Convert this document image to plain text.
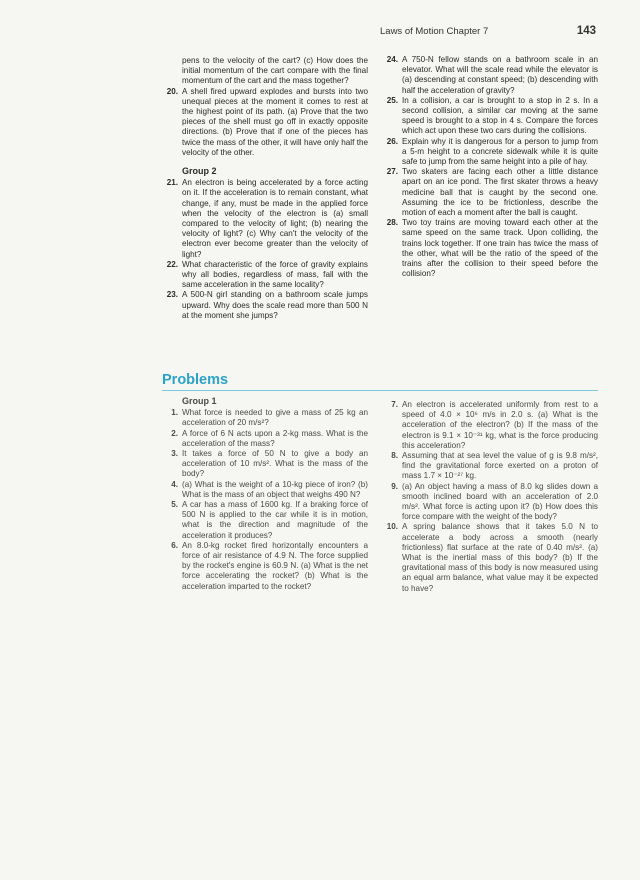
Laws of Motion Chapter 7	143
pens to the velocity of the cart? (c) How does the initial momentum of the cart compare with the final momentum of the cart and the mass together?
20. A shell fired upward explodes and bursts into two unequal pieces at the moment it comes to rest at the highest point of its path. (a) Prove that the two pieces of the shell must go off in exactly opposite directions. (b) Prove that if one of the pieces has twice the mass of the other, it will have only half the velocity of the other.
Group 2
21. An electron is being accelerated by a force acting on it. If the acceleration is to remain constant, what change, if any, must be made in the applied force when the velocity of the electron is (a) small compared to the velocity of light; (b) nearing the velocity of light? (c) Why can't the velocity of the electron ever become greater than the velocity of light?
22. What characteristic of the force of gravity explains why all bodies, regardless of mass, fall with the same acceleration in the same locality?
23. A 500-N girl standing on a bathroom scale jumps upward. Why does the scale read more than 500 N at the moment she jumps?
24. A 750-N fellow stands on a bathroom scale in an elevator. What will the scale read while the elevator is (a) descending at constant speed; (b) descending with half the acceleration of gravity?
25. In a collision, a car is brought to a stop in 2 s. In a second collision, a similar car moving at the same speed is brought to a stop in 4 s. Compare the forces which act upon these two cars during the collisions.
26. Explain why it is dangerous for a person to jump from a 5-m height to a concrete sidewalk while it is quite safe to jump from the same height into a pile of hay.
27. Two skaters are facing each other a little distance apart on an ice pond. The first skater throws a heavy medicine ball that is caught by the second one. Assuming the ice to be frictionless, describe the motion of each a moment after the ball is caught.
28. Two toy trains are moving toward each other at the same speed on the same track. Upon colliding, the trains lock together. If one train has twice the mass of the other, what will be the ratio of the speed of the trains after the collision to their speed before the collision?
Problems
Group 1
1. What force is needed to give a mass of 25 kg an acceleration of 20 m/s²?
2. A force of 6 N acts upon a 2-kg mass. What is the acceleration of the mass?
3. It takes a force of 50 N to give a body an acceleration of 10 m/s². What is the mass of the body?
4. (a) What is the weight of a 10-kg piece of iron? (b) What is the mass of an object that weighs 490 N?
5. A car has a mass of 1600 kg. If a braking force of 500 N is applied to the car while it is in motion, what is the direction and magnitude of the acceleration it produces?
6. An 8.0-kg rocket fired horizontally encounters a force of air resistance of 4.9 N. The force supplied by the rocket's engine is 60.9 N. (a) What is the net force accelerating the rocket? (b) What is the acceleration imparted to the rocket?
7. An electron is accelerated uniformly from rest to a speed of 4.0 × 10⁶ m/s in 2.0 s. (a) What is the acceleration of the electron? (b) If the mass of the electron is 9.1 × 10⁻³¹ kg, what is the force producing this acceleration?
8. Assuming that at sea level the value of g is 9.8 m/s², find the gravitational force exerted on a proton of mass 1.7 × 10⁻²⁷ kg.
9. (a) An object having a mass of 8.0 kg slides down a smooth inclined board with an acceleration of 2.0 m/s². What force is acting upon it? (b) How does this force compare with the weight of the body?
10. A spring balance shows that it takes 5.0 N to accelerate a body across a smooth (nearly frictionless) flat surface at the rate of 0.40 m/s². (a) What is the inertial mass of this body? (b) If the gravitational mass of this body is now measured using an equal arm balance, what value may it be expected to have?
